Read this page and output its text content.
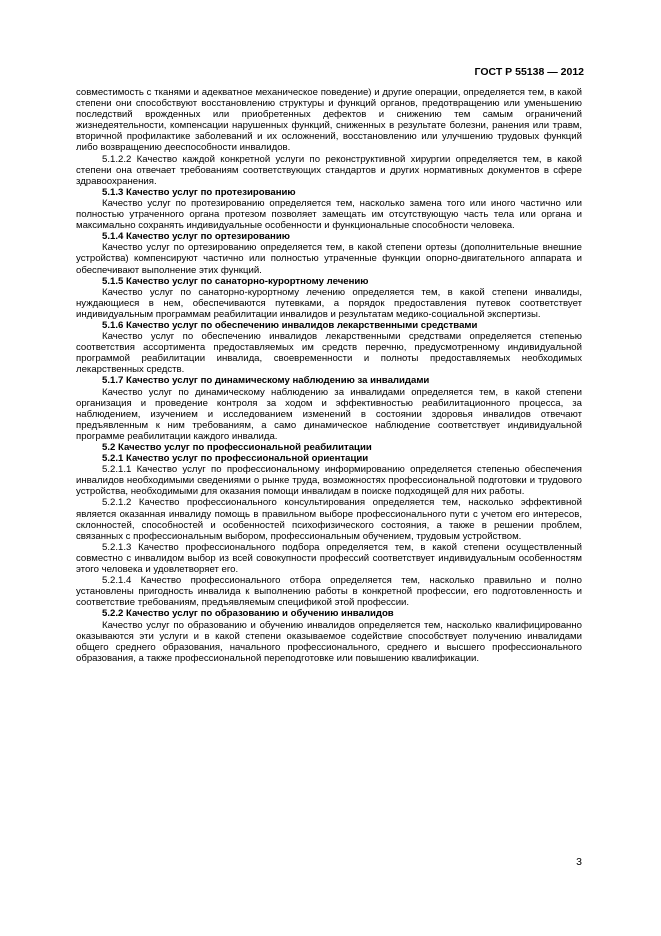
ГОСТ Р 55138 — 2012

совместимость с тканями и адекватное механическое поведение) и другие операции, определяется тем, в какой степени они способствуют восстановлению структуры и функций органов, предотвращению или уменьшению последствий врожденных или приобретенных дефектов и снижению тем самым ограничений жизнедеятельности, компенсации нарушенных функций, сниженных в результате болезни, ранения или травм, вторичной профилактике заболеваний и их осложнений, восстановлению или улучшению трудовых функций либо возвращению дееспособности инвалидов.

5.1.2.2 Качество каждой конкретной услуги по реконструктивной хирургии определяется тем, в какой степени она отвечает требованиям соответствующих стандартов и других нормативных документов в сфере здравоохранения.

5.1.3 Качество услуг по протезированию

Качество услуг по протезированию определяется тем, насколько замена того или иного частично или полностью утраченного органа протезом позволяет замещать им отсутствующую часть тела или органа и максимально сохранять индивидуальные особенности и функциональные способности человека.

5.1.4 Качество услуг по ортезированию

Качество услуг по ортезированию определяется тем, в какой степени ортезы (дополнительные внешние устройства) компенсируют частично или полностью утраченные функции опорно-двигательного аппарата и обеспечивают выполнение этих функций.

5.1.5 Качество услуг по санаторно-курортному лечению

Качество услуг по санаторно-курортному лечению определяется тем, в какой степени инвалиды, нуждающиеся в нем, обеспечиваются путевками, а порядок предоставления путевок соответствует индивидуальным программам реабилитации инвалидов и результатам медико-социальной экспертизы.

5.1.6 Качество услуг по обеспечению инвалидов лекарственными средствами

Качество услуг по обеспечению инвалидов лекарственными средствами определяется степенью соответствия ассортимента предоставляемых им средств перечню, предусмотренному индивидуальной программой реабилитации инвалида, своевременности и полноты предоставляемых необходимых лекарственных средств.

5.1.7 Качество услуг по динамическому наблюдению за инвалидами

Качество услуг по динамическому наблюдению за инвалидами определяется тем, в какой степени организация и проведение контроля за ходом и эффективностью реабилитационного процесса, за наблюдением, изучением и исследованием изменений в состоянии здоровья инвалидов отвечают предъявленным к ним требованиям, а само динамическое наблюдение соответствует индивидуальной программе реабилитации каждого инвалида.

5.2 Качество услуг по профессиональной реабилитации

5.2.1 Качество услуг по профессиональной ориентации

5.2.1.1 Качество услуг по профессиональному информированию определяется степенью обеспечения инвалидов необходимыми сведениями о рынке труда, возможностях профессиональной подготовки и трудового устройства, необходимыми для оказания помощи инвалидам в поиске подходящей для них работы.

5.2.1.2 Качество профессионального консультирования определяется тем, насколько эффективной является оказанная инвалиду помощь в правильном выборе профессионального пути с учетом его интересов, склонностей, способностей и особенностей психофизического состояния, а также в решении проблем, связанных с профессиональным выбором, профессиональным обучением, трудовым устройством.

5.2.1.3 Качество профессионального подбора определяется тем, в какой степени осуществленный совместно с инвалидом выбор из всей совокупности профессий соответствует индивидуальным особенностям этого человека и удовлетворяет его.

5.2.1.4 Качество профессионального отбора определяется тем, насколько правильно и полно установлены пригодность инвалида к выполнению работы в конкретной профессии, его подготовленность и соответствие требованиям, предъявляемым спецификой этой профессии.

5.2.2 Качество услуг по образованию и обучению инвалидов

Качество услуг по образованию и обучению инвалидов определяется тем, насколько квалифицированно оказываются эти услуги и в какой степени оказываемое содействие способствует получению инвалидами общего среднего образования, начального профессионального, среднего и высшего профессионального образования, а также профессиональной переподготовке или повышению квалификации.

3
